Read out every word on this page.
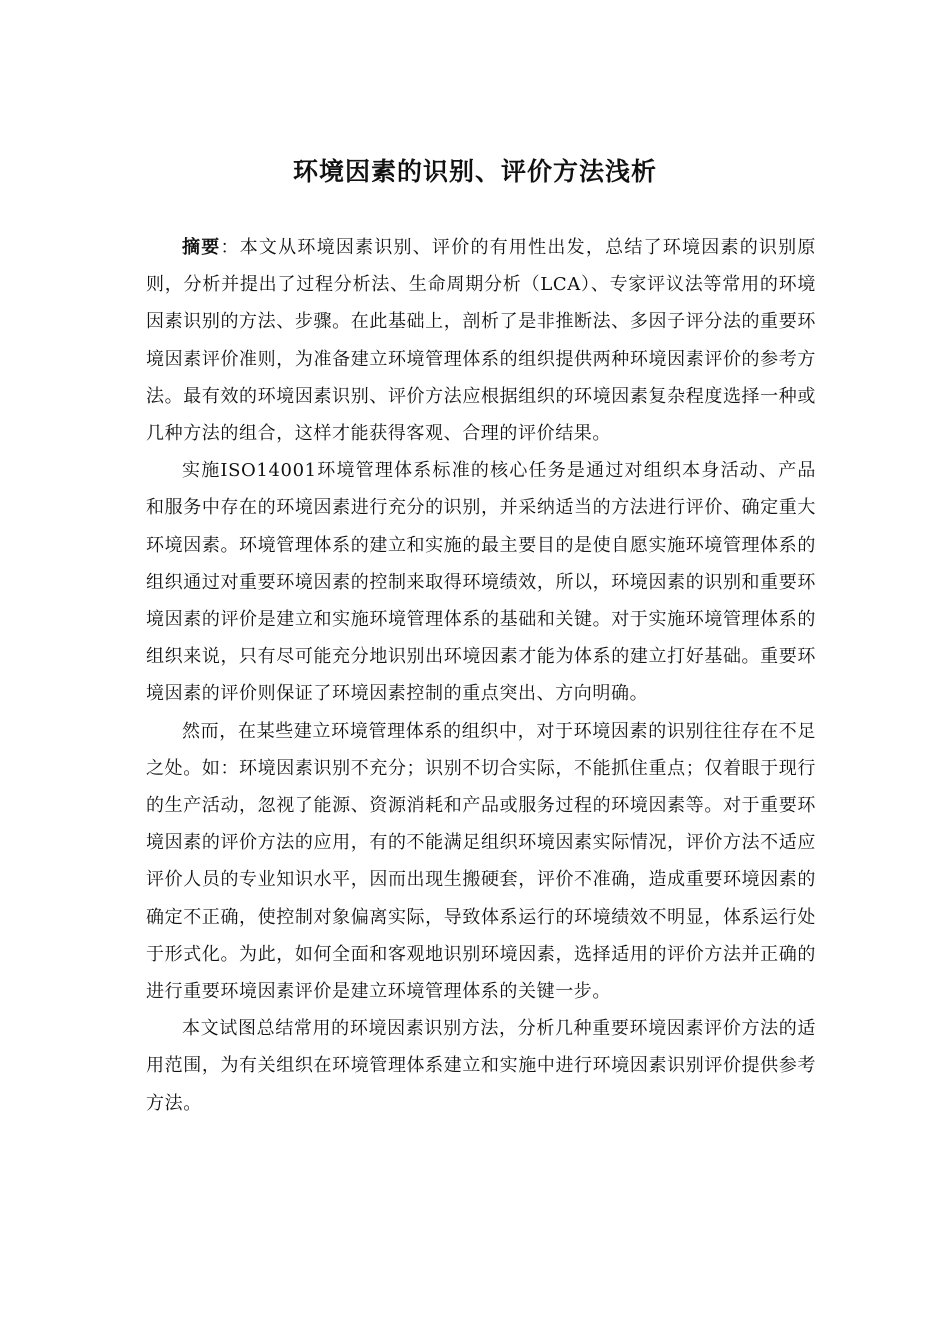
环境因素的识别、评价方法浅析

摘要：本文从环境因素识别、评价的有用性出发，总结了环境因素的识别原则，分析并提出了过程分析法、生命周期分析（LCA）、专家评议法等常用的环境因素识别的方法、步骤。在此基础上，剖析了是非推断法、多因子评分法的重要环境因素评价准则，为准备建立环境管理体系的组织提供两种环境因素评价的参考方法。最有效的环境因素识别、评价方法应根据组织的环境因素复杂程度选择一种或几种方法的组合，这样才能获得客观、合理的评价结果。

实施ISO14001环境管理体系标准的核心任务是通过对组织本身活动、产品和服务中存在的环境因素进行充分的识别，并采纳适当的方法进行评价、确定重大环境因素。环境管理体系的建立和实施的最主要目的是使自愿实施环境管理体系的组织通过对重要环境因素的控制来取得环境绩效，所以，环境因素的识别和重要环境因素的评价是建立和实施环境管理体系的基础和关键。对于实施环境管理体系的组织来说，只有尽可能充分地识别出环境因素才能为体系的建立打好基础。重要环境因素的评价则保证了环境因素控制的重点突出、方向明确。

然而，在某些建立环境管理体系的组织中，对于环境因素的识别往往存在不足之处。如：环境因素识别不充分；识别不切合实际，不能抓住重点；仅着眼于现行的生产活动，忽视了能源、资源消耗和产品或服务过程的环境因素等。对于重要环境因素的评价方法的应用，有的不能满足组织环境因素实际情况，评价方法不适应评价人员的专业知识水平，因而出现生搬硬套，评价不准确，造成重要环境因素的确定不正确，使控制对象偏离实际，导致体系运行的环境绩效不明显，体系运行处于形式化。为此，如何全面和客观地识别环境因素，选择适用的评价方法并正确的进行重要环境因素评价是建立环境管理体系的关键一步。

本文试图总结常用的环境因素识别方法，分析几种重要环境因素评价方法的适用范围，为有关组织在环境管理体系建立和实施中进行环境因素识别评价提供参考方法。
